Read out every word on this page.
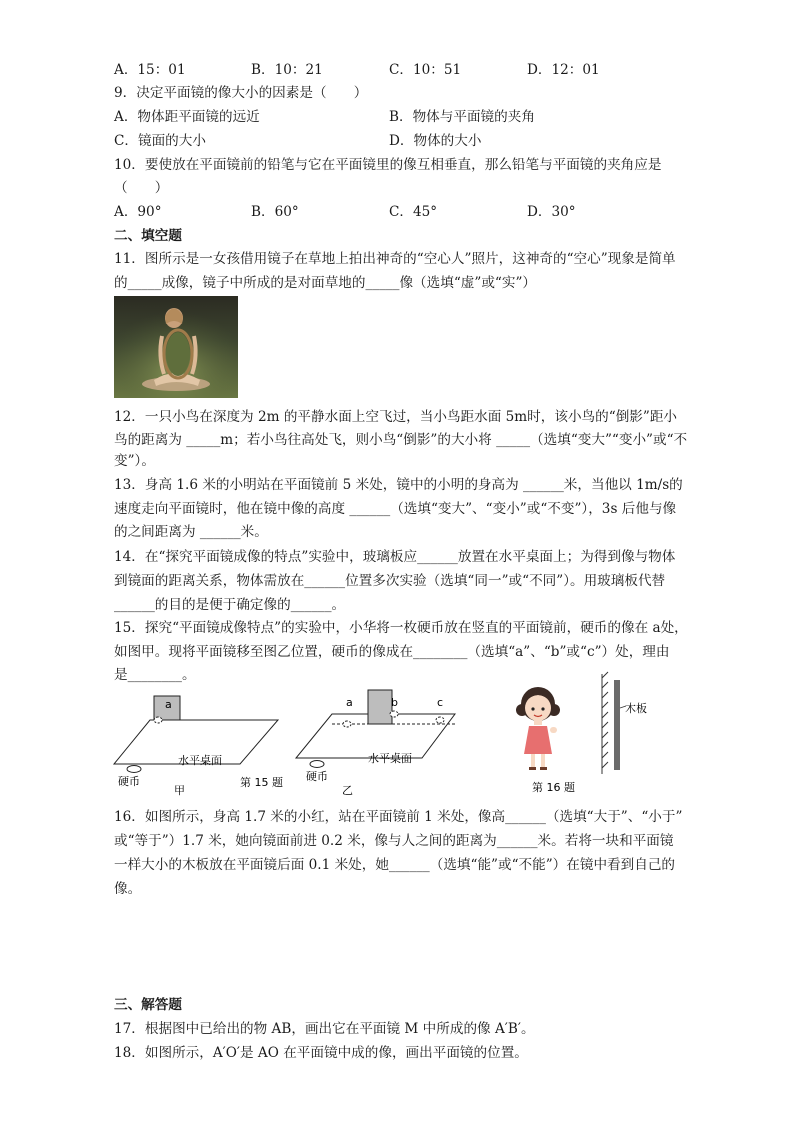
A．15：01	B．10：21	C．10：51	D．12：01
9．决定平面镜的像大小的因素是（　　）
A．物体距平面镜的远近	B．物体与平面镜的夹角
C．镜面的大小	D．物体的大小
10．要使放在平面镜前的铅笔与它在平面镜里的像互相垂直，那么铅笔与平面镜的夹角应是
（　　）
A．90°	B．60°	C．45°	D．30°
二、填空题
11．图所示是一女孩借用镜子在草地上拍出神奇的“空心人”照片，这神奇的“空心”现象是简单
的_____成像，镜子中所成的是对面草地的_____像（选填“虚”或“实”）
12．一只小鸟在深度为 2m 的平静水面上空飞过，当小鸟距水面 5m时，该小鸟的“倒影”距小
鸟的距离为 _____m；若小鸟往高处飞，则小鸟“倒影”的大小将 _____（选填“变大”“变小”或“不
变”）。
13．身高 1.6 米的小明站在平面镜前 5 米处，镜中的小明的身高为 ______米，当他以 1m/s的
速度走向平面镜时，他在镜中像的高度 ______（选填“变大”、“变小”或“不变”），3s 后他与像
的之间距离为 ______米。
14．在“探究平面镜成像的特点”实验中，玻璃板应______放置在水平桌面上；为得到像与物体
到镜面的距离关系，物体需放在______位置多次实验（选填“同一”或“不同”）。用玻璃板代替
______的目的是便于确定像的______。
15．探究“平面镜成像特点”的实验中，小华将一枚硬币放在竖直的平面镜前，硬币的像在 a处，
如图甲。现将平面镜移至图乙位置，硬币的像成在________（选填“a”、“b”或“c”）处，理由
是________。
a
水平桌面
硬币
甲
第 15 题
a	b	c
水平桌面
硬币
乙
木板
第 16 题
16．如图所示，身高 1.7 米的小红，站在平面镜前 1 米处，像高______（选填“大于”、“小于”
或“等于”）1.7 米，她向镜面前进 0.2 米，像与人之间的距离为______米。若将一块和平面镜
一样大小的木板放在平面镜后面 0.1 米处，她______（选填“能”或“不能”）在镜中看到自己的
像。
三、解答题
17．根据图中已给出的物 AB，画出它在平面镜 M 中所成的像 A′B′。
18．如图所示，A′O′是 AO 在平面镜中成的像，画出平面镜的位置。
